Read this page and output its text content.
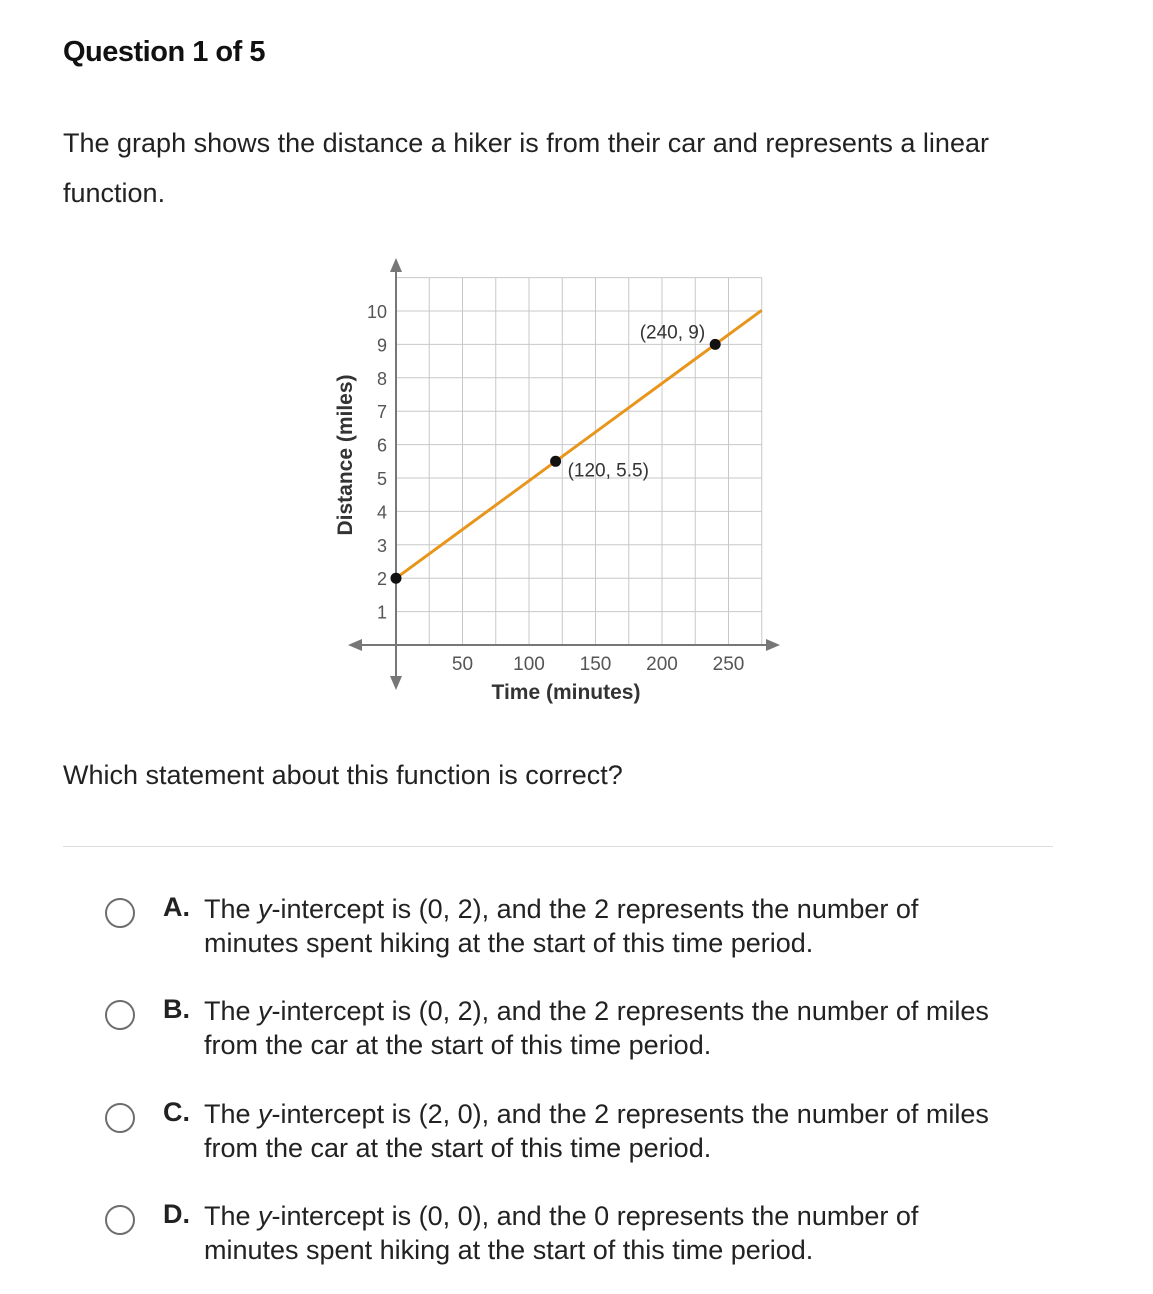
Question 1 of 5
The graph shows the distance a hiker is from their car and represents a linear function.
50 100 150 200 250
1
2
3
4
5
6
7
8
9
10
(120, 5.5)
(240, 9)
Time (minutes)
Distance (miles)
Which statement about this function is correct?
A. The y-intercept is (0, 2), and the 2 represents the number of
minutes spent hiking at the start of this time period.
B. The y-intercept is (0, 2), and the 2 represents the number of miles
from the car at the start of this time period.
C. The y-intercept is (2, 0), and the 2 represents the number of miles
from the car at the start of this time period.
D. The y-intercept is (0, 0), and the 0 represents the number of
minutes spent hiking at the start of this time period.
